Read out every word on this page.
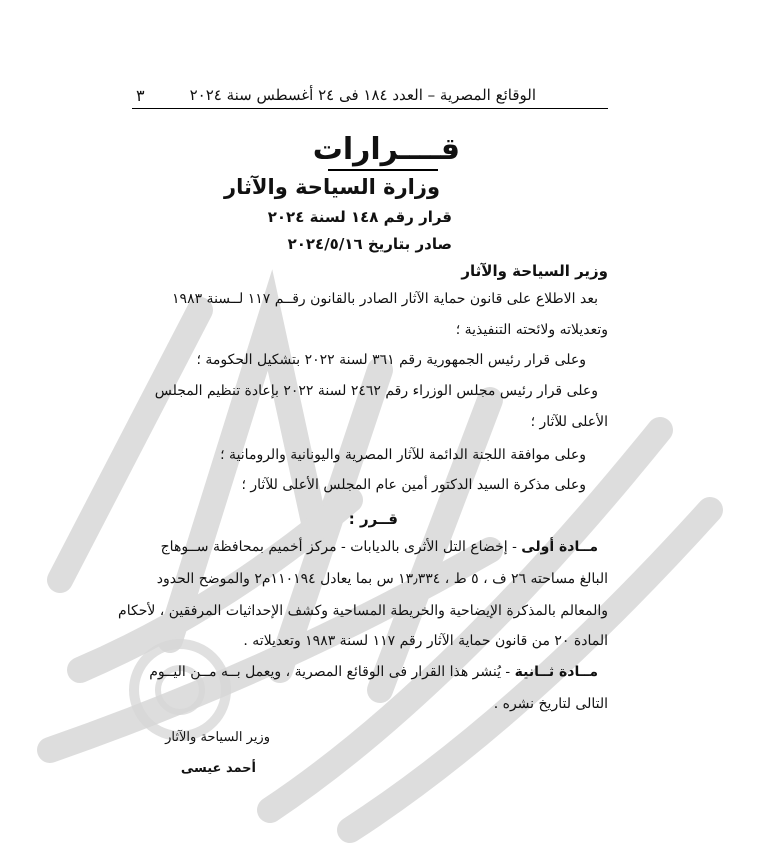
الوقائع المصرية – العدد ١٨٤ فى ٢٤ أغسطس سنة ٢٠٢٤
٣
قــــرارات
وزارة السياحة والآثار
قرار رقم ١٤٨ لسنة ٢٠٢٤
صادر بتاريخ ٢٠٢٤/٥/١٦
وزير السياحة والآثار
بعد الاطلاع على قانون حماية الآثار الصادر بالقانون رقــم ١١٧ لــسنة ١٩٨٣
وتعديلاته ولائحته التنفيذية ؛
وعلى قرار رئيس الجمهورية رقم ٣٦١ لسنة ٢٠٢٢ بتشكيل الحكومة ؛
وعلى قرار رئيس مجلس الوزراء رقم ٢٤٦٢ لسنة ٢٠٢٢ بإعادة تنظيم المجلس
الأعلى للآثار ؛
وعلى موافقة اللجنة الدائمة للآثار المصرية واليونانية والرومانية ؛
وعلى مذكرة السيد الدكتور أمين عام المجلس الأعلى للآثار ؛
قــرر :
مــادة أولى - إخضاع التل الأثرى بالديابات - مركز أخميم بمحافظة ســوهاج
البالغ مساحته ٢٦ ف ، ٥ ط ، ١٣٫٣٣٤ س بما يعادل ١١٠١٩٤م٢ والموضح الحدود
والمعالم بالمذكرة الإيضاحية والخريطة المساحية وكشف الإحداثيات المرفقين ، لأحكام
المادة ٢٠ من قانون حماية الآثار رقم ١١٧ لسنة ١٩٨٣ وتعديلاته .
مــادة ثــانية - يُنشر هذا القرار فى الوقائع المصرية ، ويعمل بــه مــن اليــوم
التالى لتاريخ نشره .
وزير السياحة والآثار
أحمد عيسى
